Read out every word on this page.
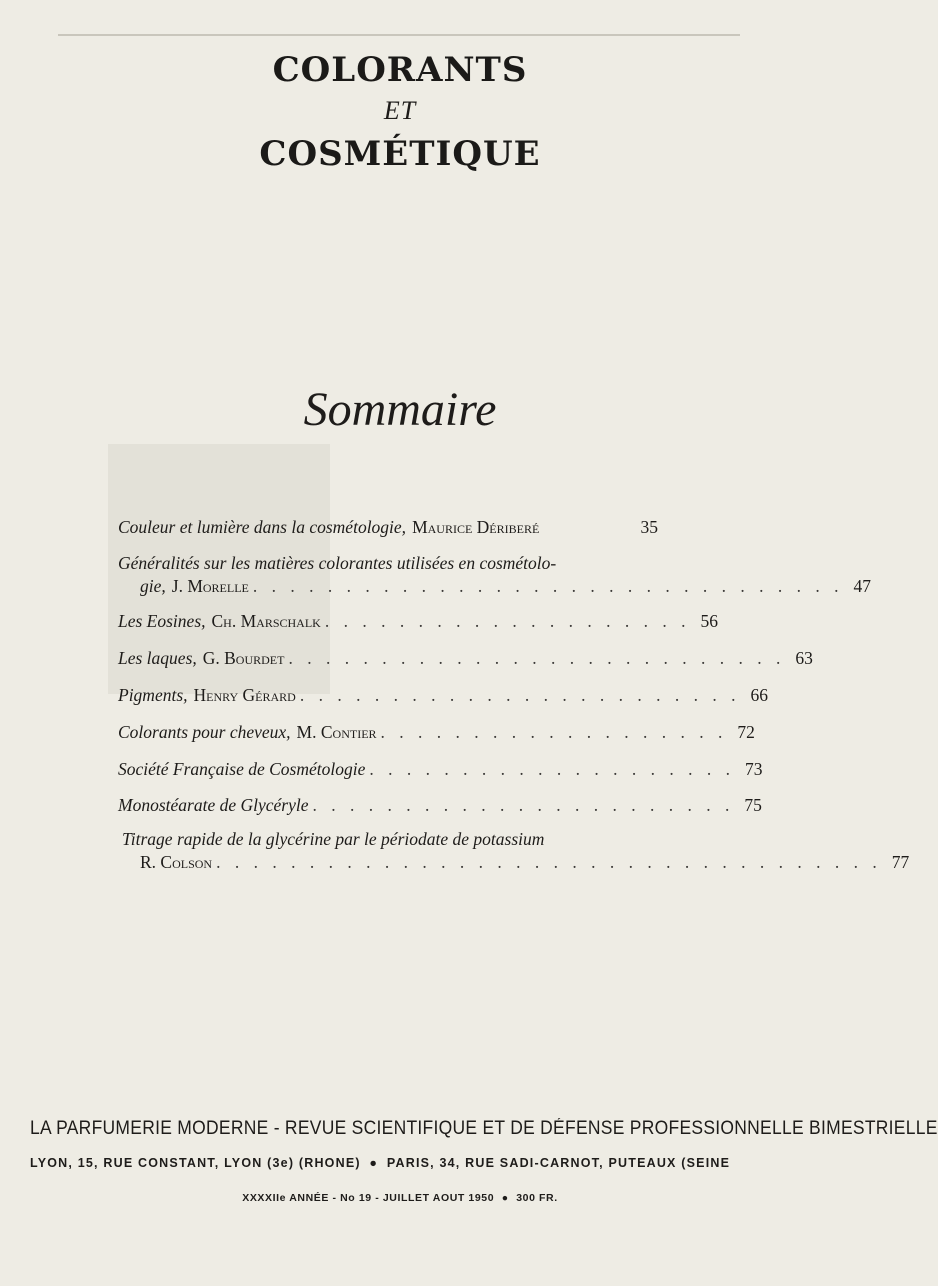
COLORANTS
ET
COSMÉTIQUE
Sommaire
Couleur et lumière dans la cosmétologie, Maurice Dériberé	35
Généralités sur les matières colorantes utilisées en cosmétolo-
gie, J. Morelle . . . . . . . . . . . . . . . . . . . . . . . . . . . . . . . . 47
Les Eosines, Ch. Marschalk . . . . . . . . . . . . . . . . . . . . 56
Les laques, G. Bourdet . . . . . . . . . . . . . . . . . . . . . . . . . . . 63
Pigments, Henry Gérard . . . . . . . . . . . . . . . . . . . . . . . . 66
Colorants pour cheveux, M. Contier . . . . . . . . . . . . . . . . . . . 72
Société Française de Cosmétologie . . . . . . . . . . . . . . . . . . . . 73
Monostéarate de Glycéryle . . . . . . . . . . . . . . . . . . . . . . . 75
Titrage rapide de la glycérine par le périodate de potassium
R. Colson . . . . . . . . . . . . . . . . . . . . . . . . . . . . . . . . . . . . 77
LA PARFUMERIE MODERNE - REVUE SCIENTIFIQUE ET DE DÉFENSE PROFESSIONNELLE BIMESTRIELLE
LYON, 15, RUE CONSTANT, LYON (3e) (RHONE) ● PARIS, 34, RUE SADI-CARNOT, PUTEAUX (SEINE
XXXXIIe ANNÉE - No 19 - JUILLET AOUT 1950 ● 300 FR.
